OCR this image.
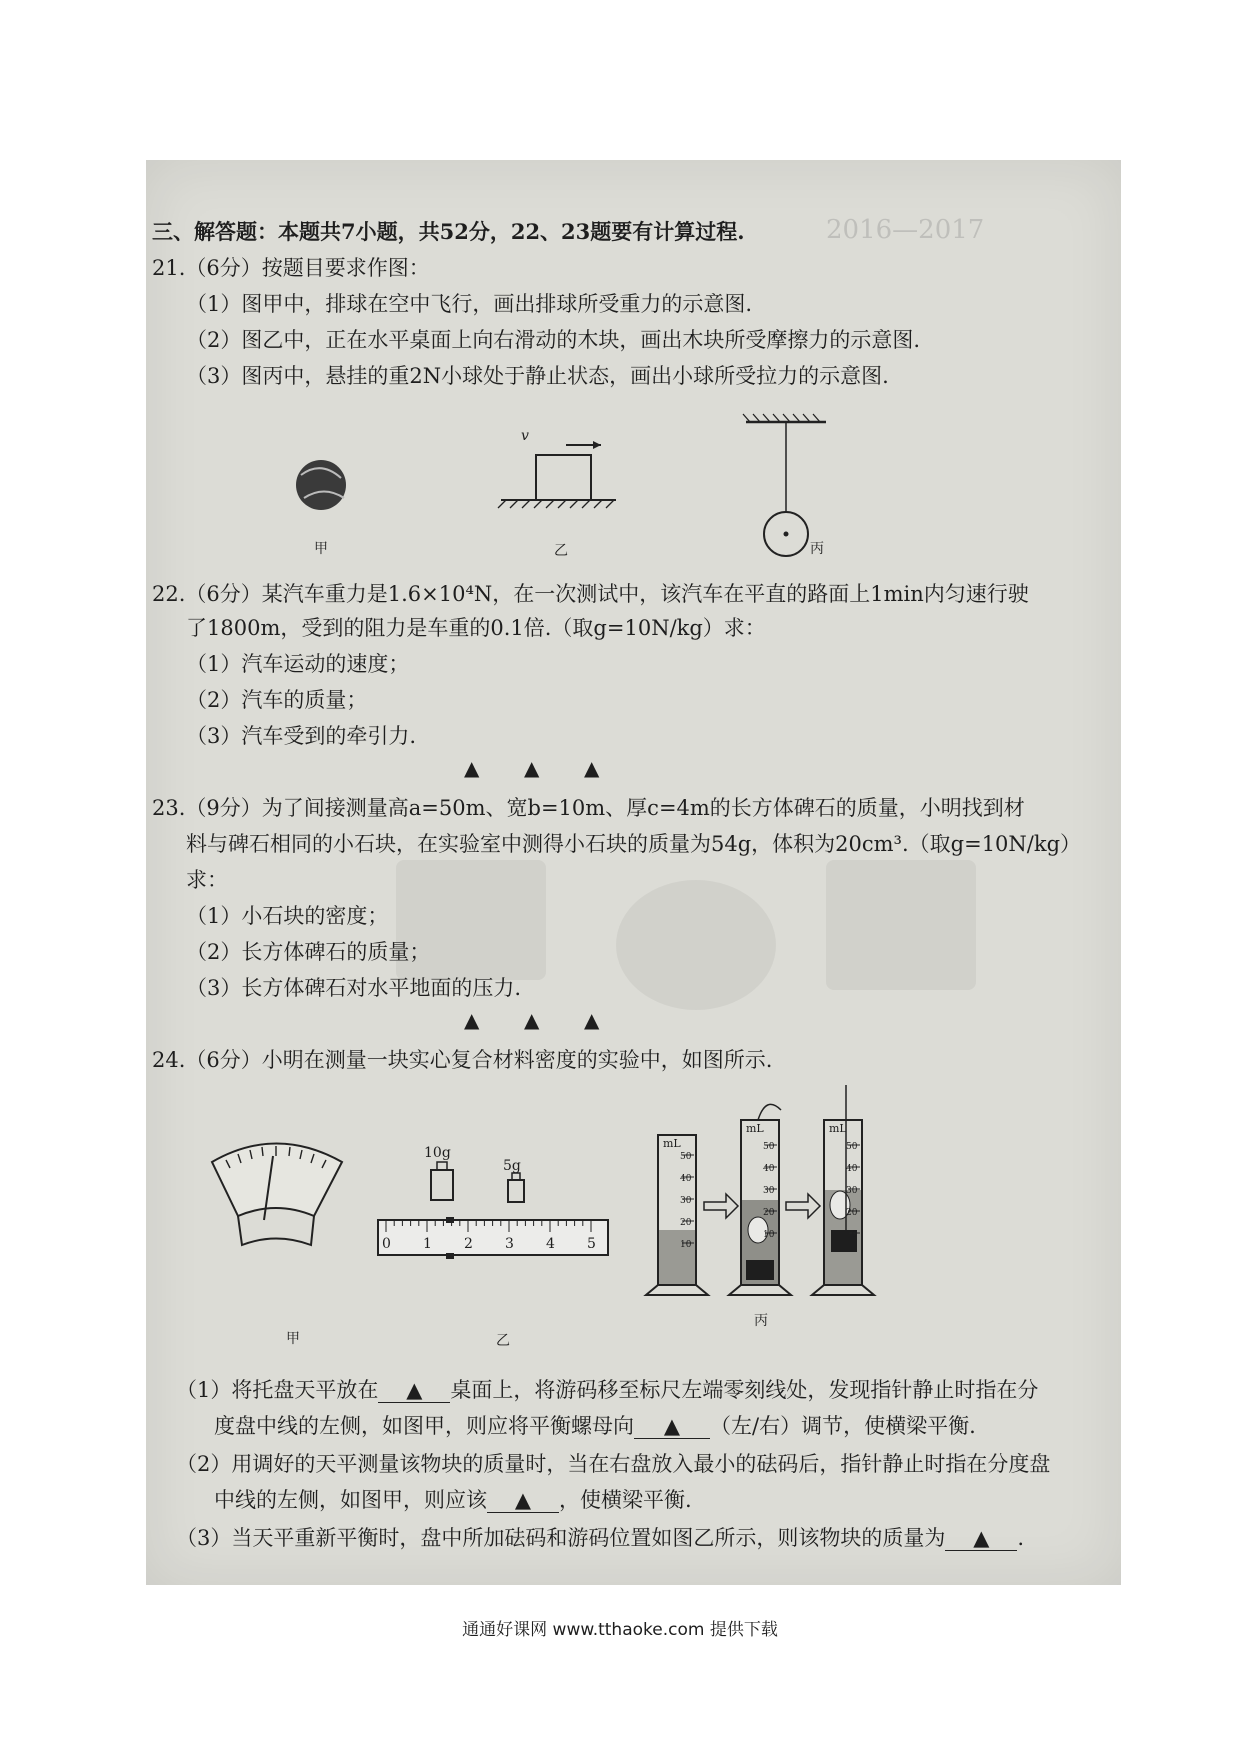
2016—2017
三、解答题：本题共7小题，共52分，22、23题要有计算过程.
21.（6分）按题目要求作图：
（1）图甲中，排球在空中飞行，画出排球所受重力的示意图.
（2）图乙中，正在水平桌面上向右滑动的木块，画出木块所受摩擦力的示意图.
（3）图丙中，悬挂的重2N小球处于静止状态，画出小球所受拉力的示意图.
v
甲	乙	丙
22.（6分）某汽车重力是1.6×10⁴N，在一次测试中，该汽车在平直的路面上1min内匀速行驶
了1800m，受到的阻力是车重的0.1倍.（取g=10N/kg）求：
（1）汽车运动的速度；
（2）汽车的质量；
（3）汽车受到的牵引力.
▲ ▲ ▲
23.（9分）为了间接测量高a=50m、宽b=10m、厚c=4m的长方体碑石的质量，小明找到材
料与碑石相同的小石块，在实验室中测得小石块的质量为54g，体积为20cm³.（取g=10N/kg）
求：
（1）小石块的密度；
（2）长方体碑石的质量；
（3）长方体碑石对水平地面的压力.
▲ ▲ ▲
24.（6分）小明在测量一块实心复合材料密度的实验中，如图所示.
10g
5g
0 1 2 3 4 5
mL
mL	mL
50
40
30
20
10
50
40
30
20
10
50
40
30
20
10
甲	乙
丙
（1）将托盘天平放在 ▲ 桌面上，将游码移至标尺左端零刻线处，发现指针静止时指在分
度盘中线的左侧，如图甲，则应将平衡螺母向 ▲ （左/右）调节，使横梁平衡.
（2）用调好的天平测量该物块的质量时，当在右盘放入最小的砝码后，指针静止时指在分度盘
中线的左侧，如图甲，则应该 ▲ ，使横梁平衡.
（3）当天平重新平衡时，盘中所加砝码和游码位置如图乙所示，则该物块的质量为 ▲ .
通通好课网 www.tthaoke.com 提供下载
